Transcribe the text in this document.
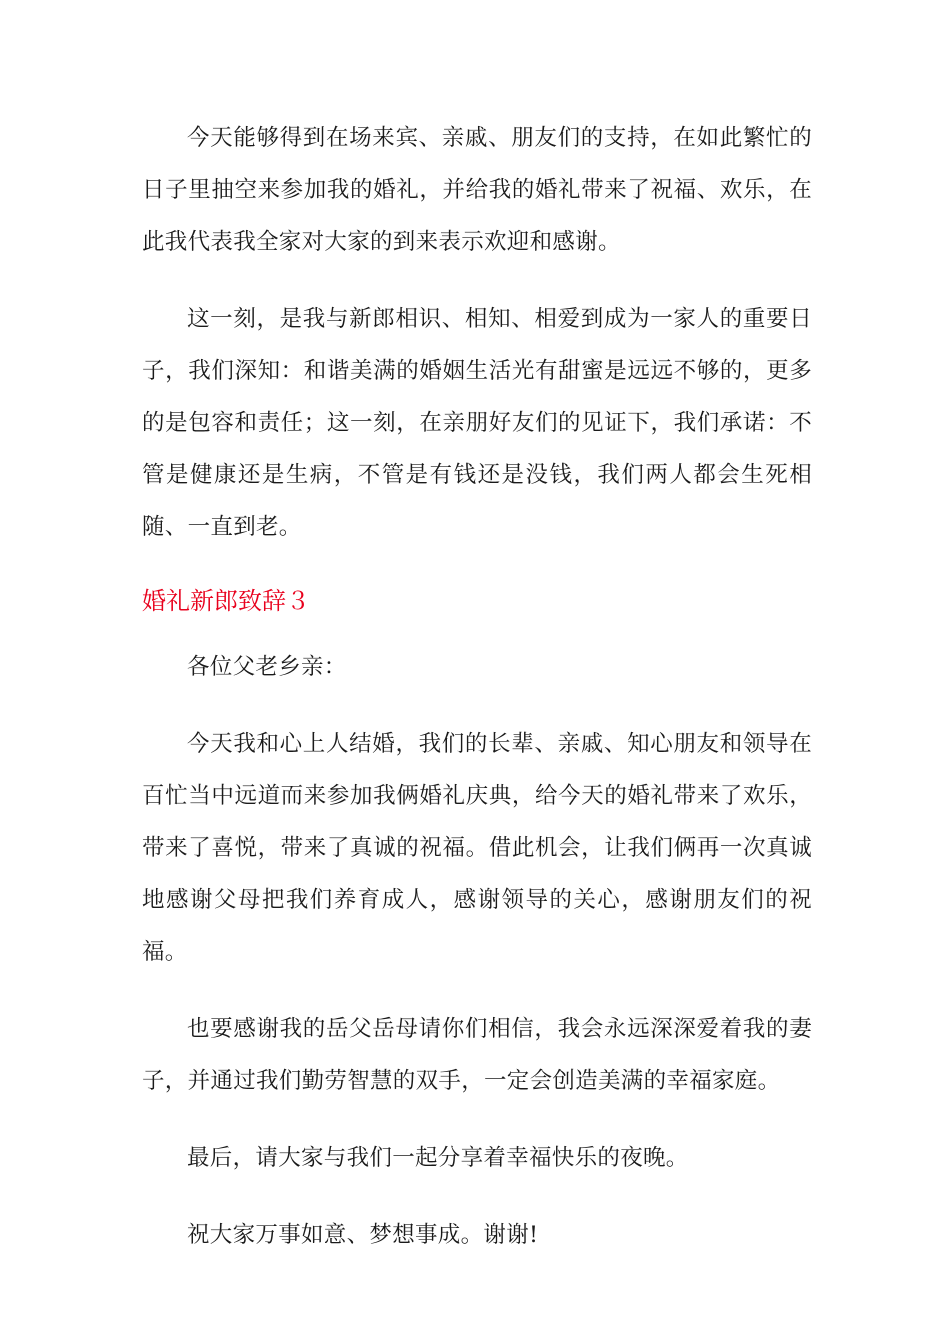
今天能够得到在场来宾、亲戚、朋友们的支持，在如此繁忙的日子里抽空来参加我的婚礼，并给我的婚礼带来了祝福、欢乐，在此我代表我全家对大家的到来表示欢迎和感谢。

这一刻，是我与新郎相识、相知、相爱到成为一家人的重要日子，我们深知：和谐美满的婚姻生活光有甜蜜是远远不够的，更多的是包容和责任；这一刻，在亲朋好友们的见证下，我们承诺：不管是健康还是生病，不管是有钱还是没钱，我们两人都会生死相随、一直到老。

婚礼新郎致辞３

各位父老乡亲：

今天我和心上人结婚，我们的长辈、亲戚、知心朋友和领导在百忙当中远道而来参加我俩婚礼庆典，给今天的婚礼带来了欢乐，带来了喜悦，带来了真诚的祝福。借此机会，让我们俩再一次真诚地感谢父母把我们养育成人，感谢领导的关心，感谢朋友们的祝福。

也要感谢我的岳父岳母请你们相信，我会永远深深爱着我的妻子，并通过我们勤劳智慧的双手，一定会创造美满的幸福家庭。

最后，请大家与我们一起分享着幸福快乐的夜晚。

祝大家万事如意、梦想事成。谢谢!
